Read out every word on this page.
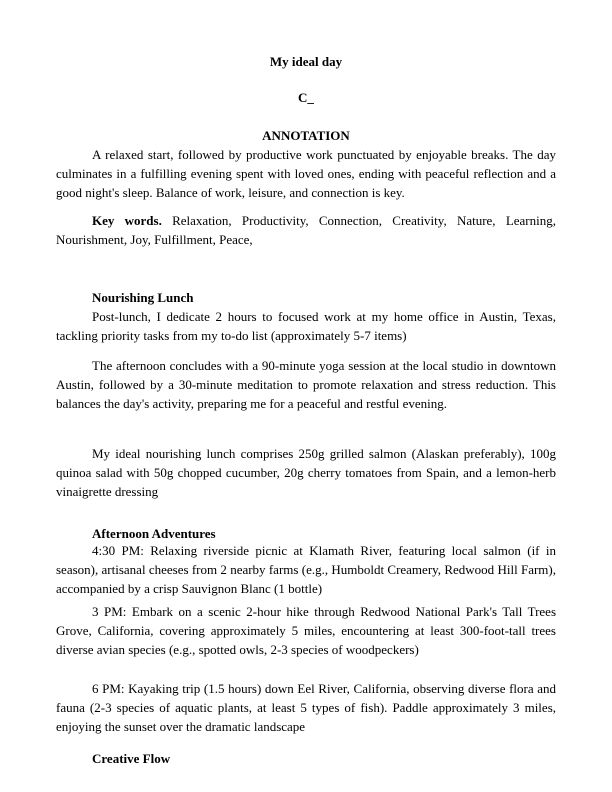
My ideal day
C_
ANNOTATION

A relaxed start, followed by productive work punctuated by enjoyable breaks. The day culminates in a fulfilling evening spent with loved ones, ending with peaceful reflection and a good night's sleep. Balance of work, leisure, and connection is key.

Key words. Relaxation, Productivity, Connection, Creativity, Nature, Learning, Nourishment, Joy, Fulfillment, Peace,

Nourishing Lunch

Post-lunch, I dedicate 2 hours to focused work at my home office in Austin, Texas, tackling priority tasks from my to-do list (approximately 5-7 items)

The afternoon concludes with a 90-minute yoga session at the local studio in downtown Austin, followed by a 30-minute meditation to promote relaxation and stress reduction. This balances the day's activity, preparing me for a peaceful and restful evening.

My ideal nourishing lunch comprises 250g grilled salmon (Alaskan preferably), 100g quinoa salad with 50g chopped cucumber, 20g cherry tomatoes from Spain, and a lemon-herb vinaigrette dressing

Afternoon Adventures

4:30 PM: Relaxing riverside picnic at Klamath River, featuring local salmon (if in season), artisanal cheeses from 2 nearby farms (e.g., Humboldt Creamery, Redwood Hill Farm), accompanied by a crisp Sauvignon Blanc (1 bottle)

3 PM: Embark on a scenic 2-hour hike through Redwood National Park's Tall Trees Grove, California, covering approximately 5 miles, encountering at least 300-foot-tall trees diverse avian species (e.g., spotted owls, 2-3 species of woodpeckers)

6 PM: Kayaking trip (1.5 hours) down Eel River, California, observing diverse flora and fauna (2-3 species of aquatic plants, at least 5 types of fish). Paddle approximately 3 miles, enjoying the sunset over the dramatic landscape

Creative Flow
